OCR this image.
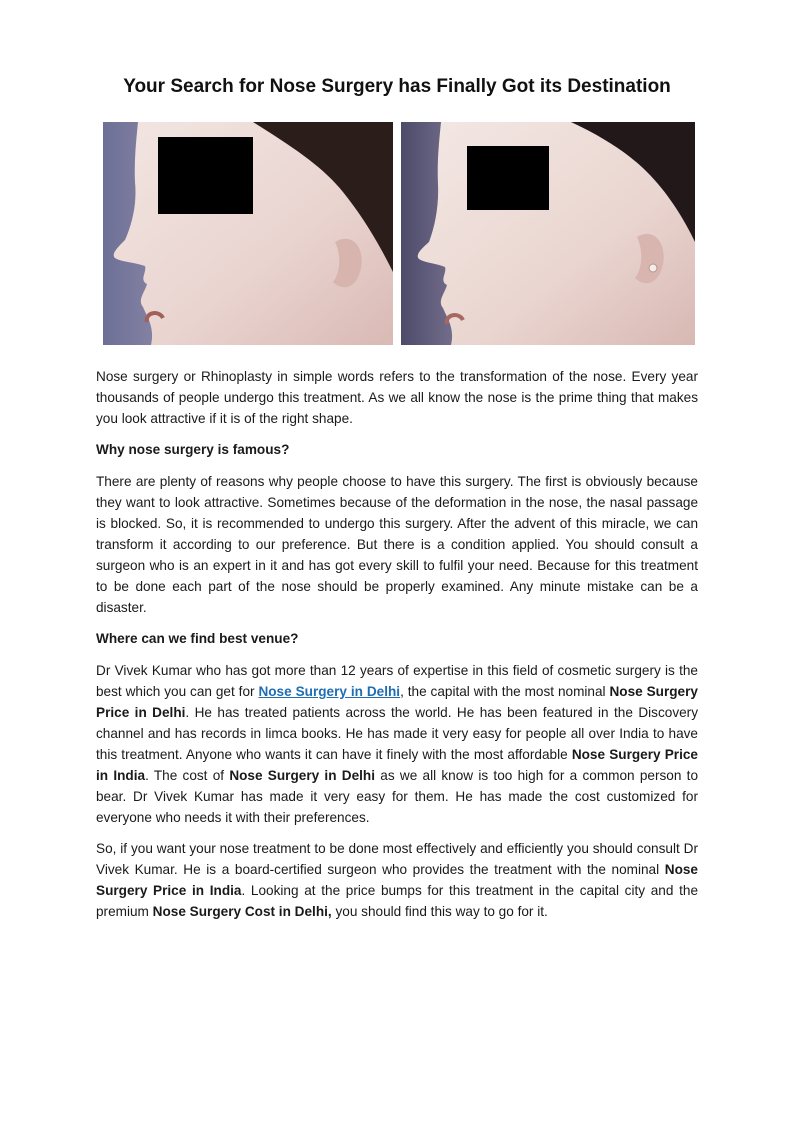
Your Search for Nose Surgery has Finally Got its Destination

Nose surgery or Rhinoplasty in simple words refers to the transformation of the nose. Every year thousands of people undergo this treatment. As we all know the nose is the prime thing that makes you look attractive if it is of the right shape.

Why nose surgery is famous?

There are plenty of reasons why people choose to have this surgery. The first is obviously because they want to look attractive. Sometimes because of the deformation in the nose, the nasal passage is blocked. So, it is recommended to undergo this surgery. After the advent of this miracle, we can transform it according to our preference. But there is a condition applied. You should consult a surgeon who is an expert in it and has got every skill to fulfil your need. Because for this treatment to be done each part of the nose should be properly examined. Any minute mistake can be a disaster.

Where can we find best venue?

Dr Vivek Kumar who has got more than 12 years of expertise in this field of cosmetic surgery is the best which you can get for Nose Surgery in Delhi, the capital with the most nominal Nose Surgery Price in Delhi. He has treated patients across the world. He has been featured in the Discovery channel and has records in limca books. He has made it very easy for people all over India to have this treatment. Anyone who wants it can have it finely with the most affordable Nose Surgery Price in India. The cost of Nose Surgery in Delhi as we all know is too high for a common person to bear. Dr Vivek Kumar has made it very easy for them. He has made the cost customized for everyone who needs it with their preferences.

So, if you want your nose treatment to be done most effectively and efficiently you should consult Dr Vivek Kumar. He is a board-certified surgeon who provides the treatment with the nominal Nose Surgery Price in India. Looking at the price bumps for this treatment in the capital city and the premium Nose Surgery Cost in Delhi, you should find this way to go for it.
